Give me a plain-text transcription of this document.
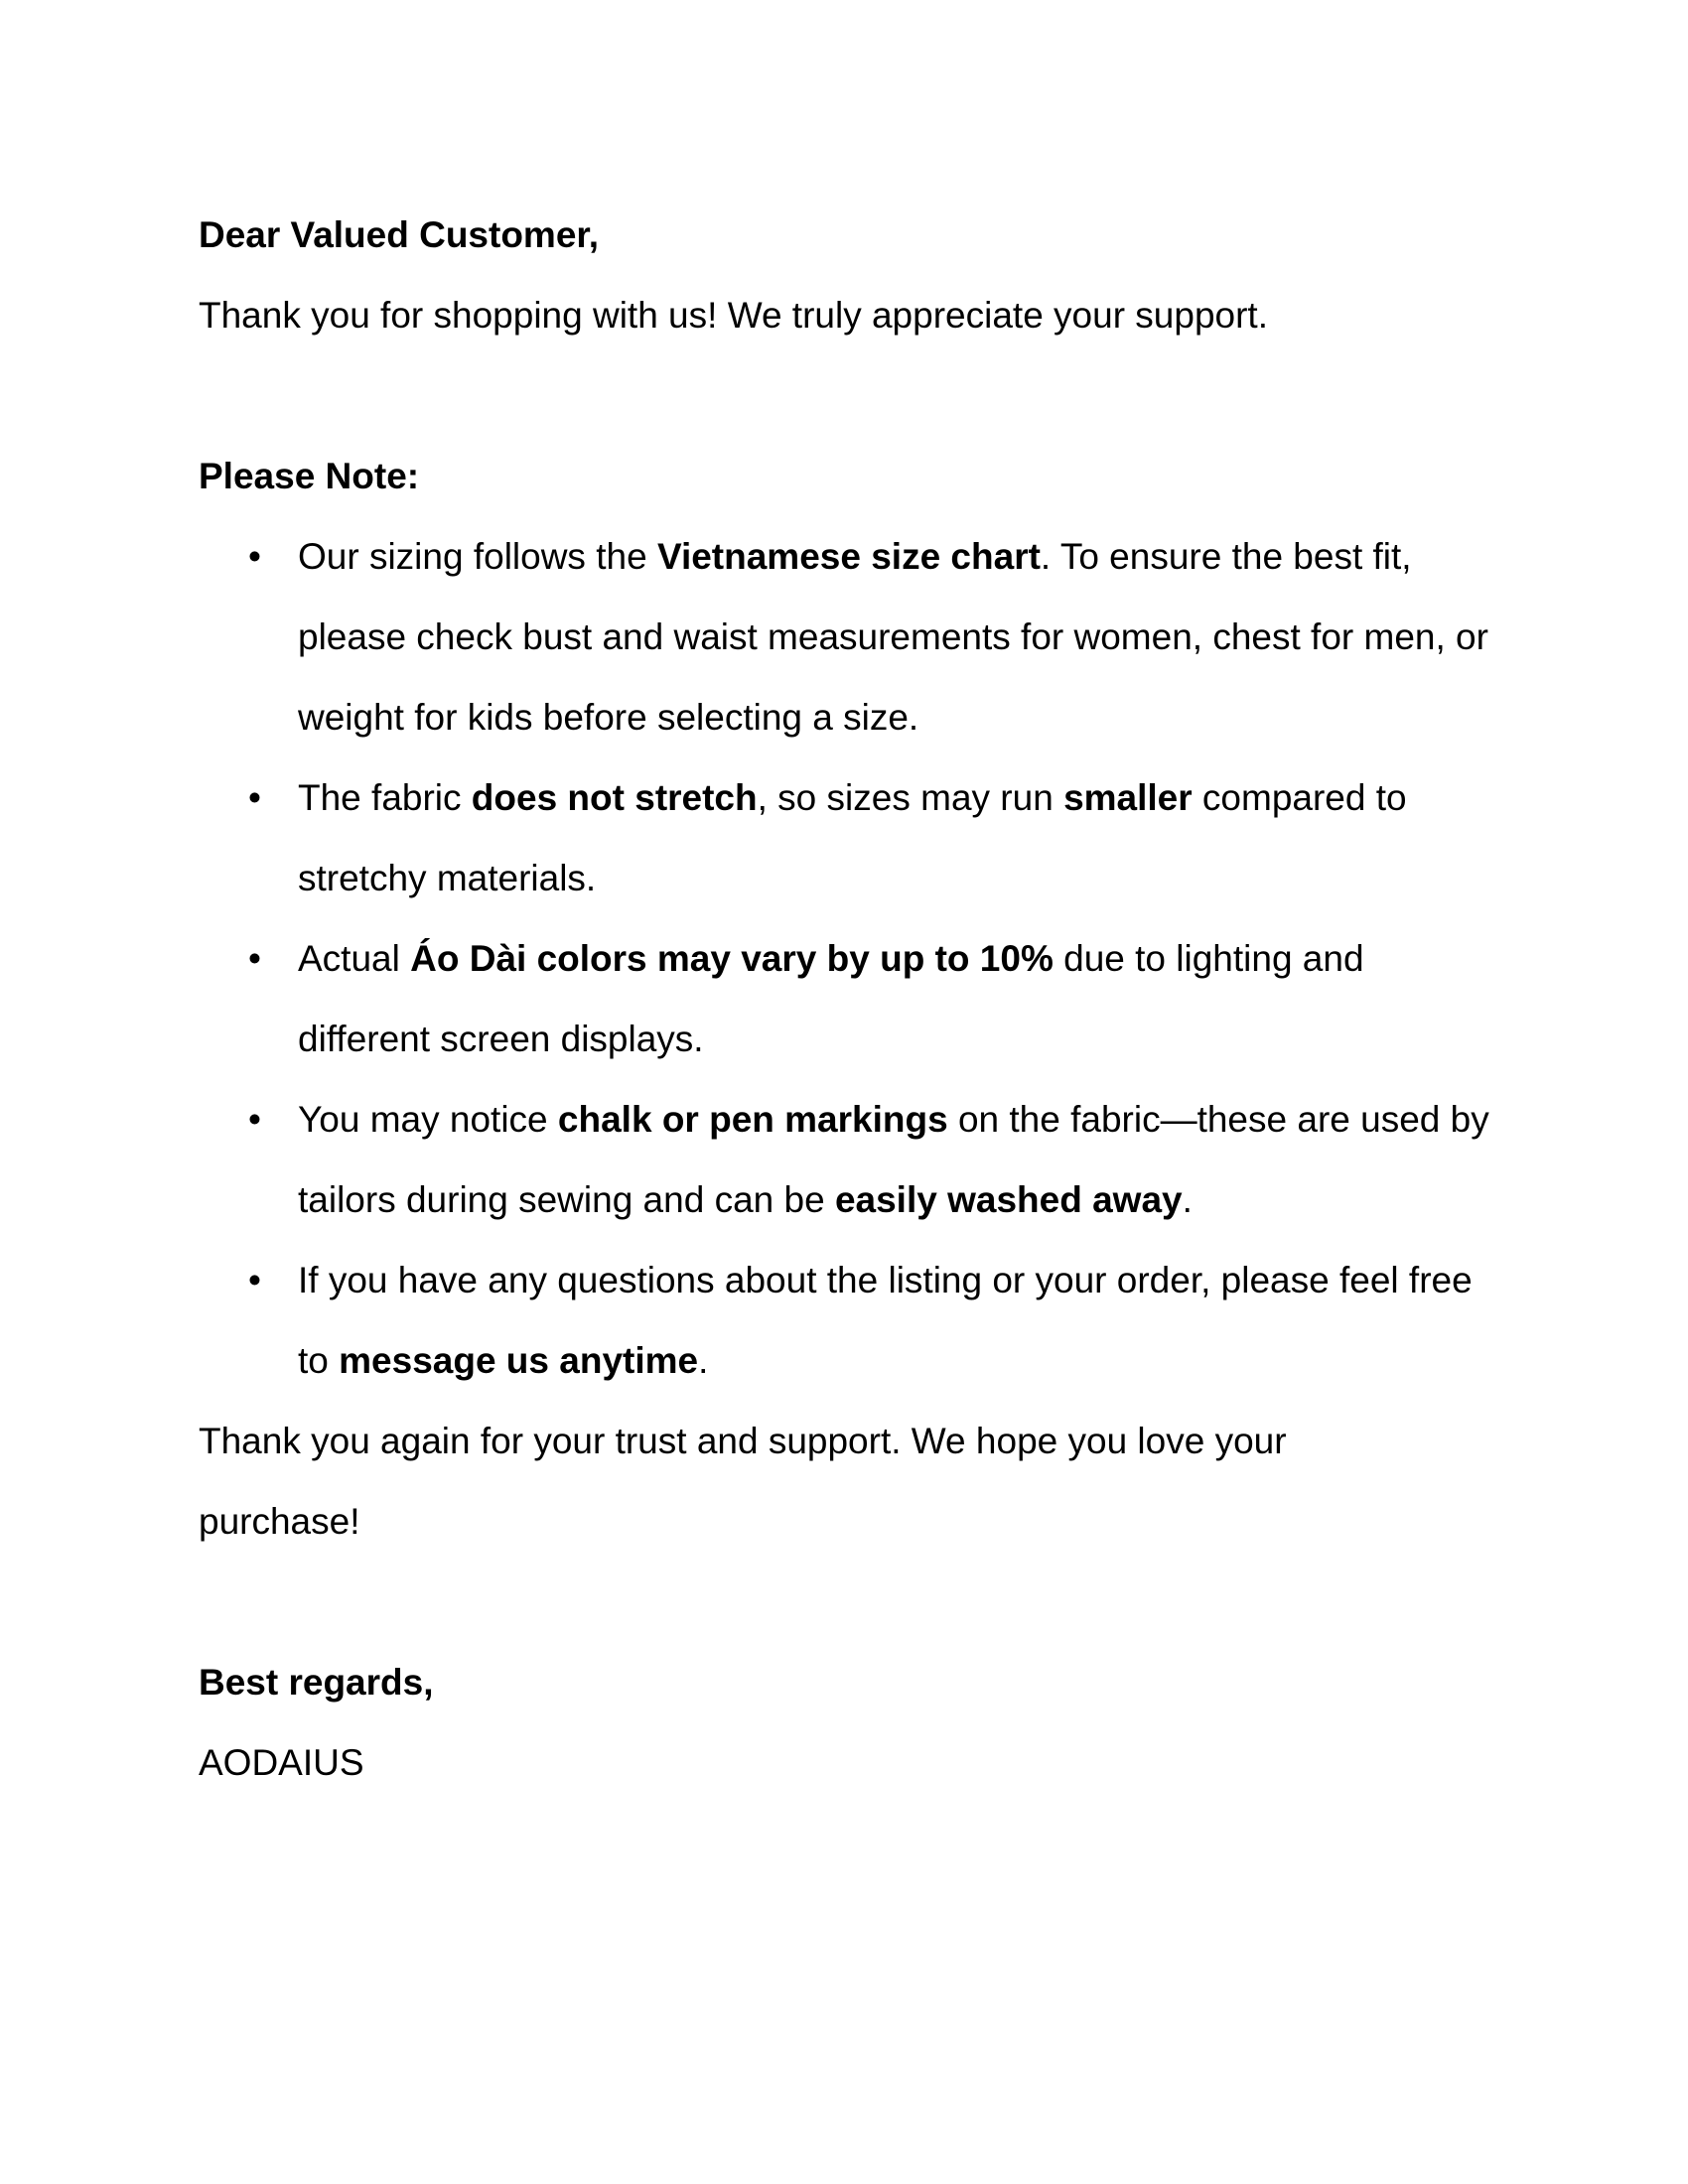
Dear Valued Customer,

Thank you for shopping with us! We truly appreciate your support.

Please Note:

• Our sizing follows the Vietnamese size chart. To ensure the best fit, please check bust and waist measurements for women, chest for men, or weight for kids before selecting a size.
• The fabric does not stretch, so sizes may run smaller compared to stretchy materials.
• Actual Áo Dài colors may vary by up to 10% due to lighting and different screen displays.
• You may notice chalk or pen markings on the fabric—these are used by tailors during sewing and can be easily washed away.
• If you have any questions about the listing or your order, please feel free to message us anytime.

Thank you again for your trust and support. We hope you love your

purchase!

Best regards,

AODAIUS
